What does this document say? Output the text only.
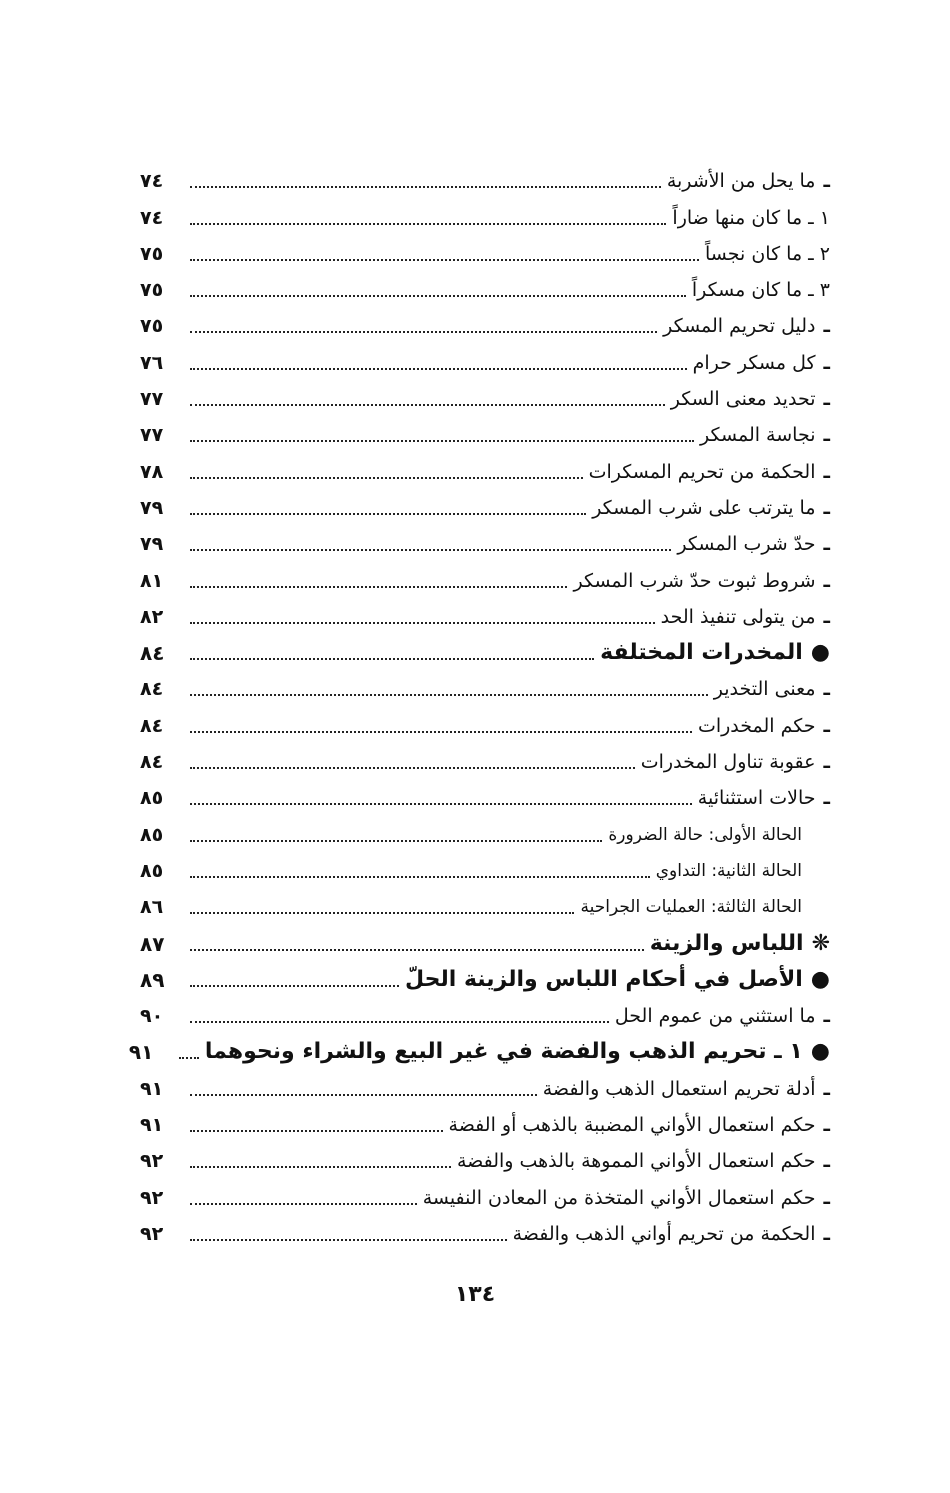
ـما يحل من الأشربة
٧٤
١ ـ ما كان منها ضاراً
٧٤
٢ ـ ما كان نجساً
٧٥
٣ ـ ما كان مسكراً
٧٥
ـدليل تحريم المسكر
٧٥
ـكل مسكر حرام
٧٦
ـتحديد معنى السكر
٧٧
ـنجاسة المسكر
٧٧
ـالحكمة من تحريم المسكرات
٧٨
ـما يترتب على شرب المسكر
٧٩
ـحدّ شرب المسكر
٧٩
ـشروط ثبوت حدّ شرب المسكر
٨١
ـمن يتولى تنفيذ الحد
٨٢
●المخدرات المختلفة
٨٤
ـمعنى التخدير
٨٤
ـحكم المخدرات
٨٤
ـعقوبة تناول المخدرات
٨٤
ـحالات استثنائية
٨٥
الحالة الأولى: حالة الضرورة
٨٥
الحالة الثانية: التداوي
٨٥
الحالة الثالثة: العمليات الجراحية
٨٦
❋اللباس والزينة
٨٧
●الأصل في أحكام اللباس والزينة الحلّ
٨٩
ـما استثني من عموم الحل
٩٠
●١ ـ تحريم الذهب والفضة في غير البيع والشراء ونحوهما
٩١
ـأدلة تحريم استعمال الذهب والفضة
٩١
ـحكم استعمال الأواني المضببة بالذهب أو الفضة
٩١
ـحكم استعمال الأواني المموهة بالذهب والفضة
٩٢
ـحكم استعمال الأواني المتخذة من المعادن النفيسة
٩٢
ـالحكمة من تحريم أواني الذهب والفضة
٩٢
١٣٤
